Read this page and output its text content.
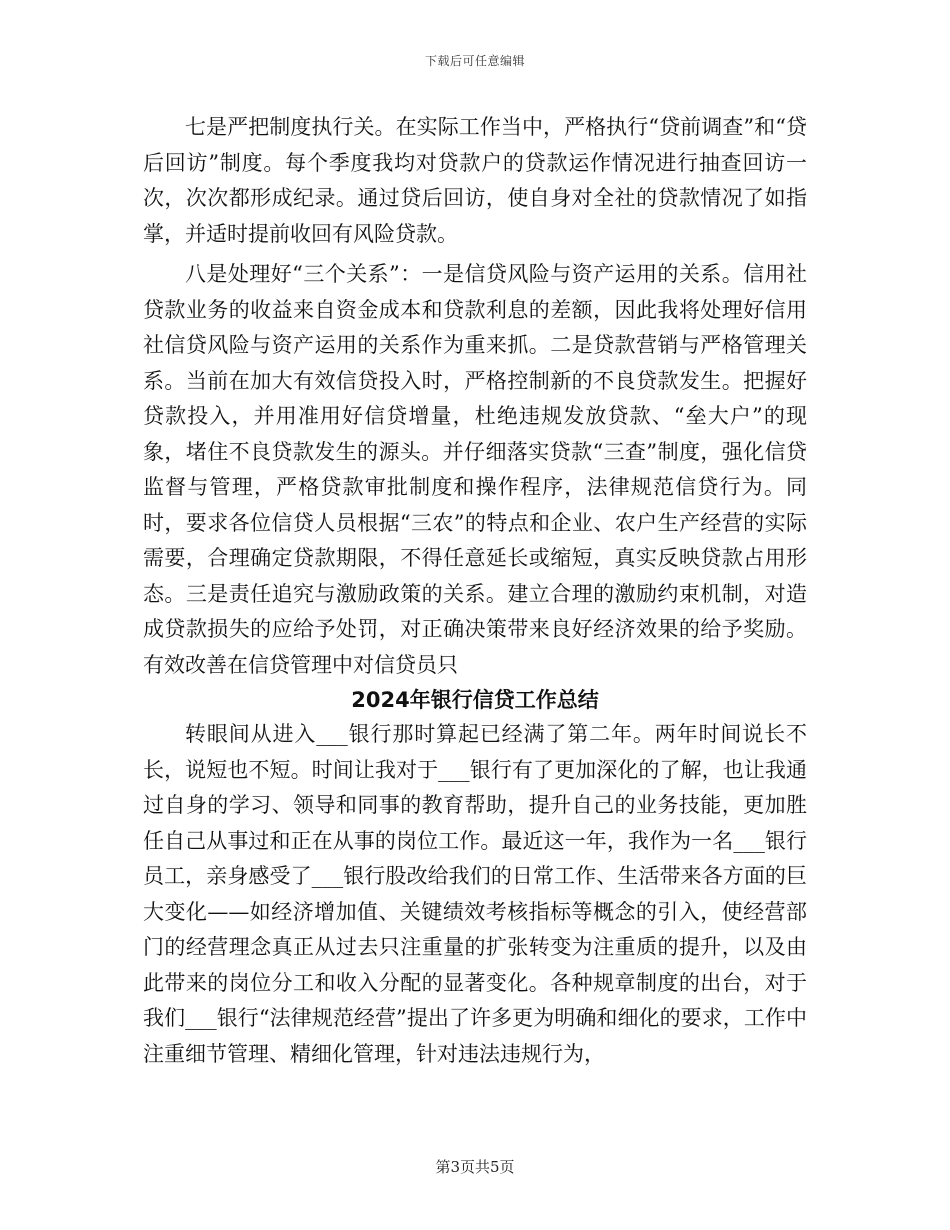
下载后可任意编辑

七是严把制度执行关。在实际工作当中，严格执行“贷前调查”和“贷后回访”制度。每个季度我均对贷款户的贷款运作情况进行抽查回访一次，次次都形成纪录。通过贷后回访，使自身对全社的贷款情况了如指掌，并适时提前收回有风险贷款。

八是处理好“三个关系”：一是信贷风险与资产运用的关系。信用社贷款业务的收益来自资金成本和贷款利息的差额，因此我将处理好信用社信贷风险与资产运用的关系作为重来抓。二是贷款营销与严格管理关系。当前在加大有效信贷投入时，严格控制新的不良贷款发生。把握好贷款投入，并用准用好信贷增量，杜绝违规发放贷款、“垒大户”的现象，堵住不良贷款发生的源头。并仔细落实贷款“三查”制度，强化信贷监督与管理，严格贷款审批制度和操作程序，法律规范信贷行为。同时，要求各位信贷人员根据“三农”的特点和企业、农户生产经营的实际需要，合理确定贷款期限，不得任意延长或缩短，真实反映贷款占用形态。三是责任追究与激励政策的关系。建立合理的激励约束机制，对造成贷款损失的应给予处罚，对正确决策带来良好经济效果的给予奖励。有效改善在信贷管理中对信贷员只

2024年银行信贷工作总结

转眼间从进入___银行那时算起已经满了第二年。两年时间说长不长，说短也不短。时间让我对于___银行有了更加深化的了解，也让我通过自身的学习、领导和同事的教育帮助，提升自己的业务技能，更加胜任自己从事过和正在从事的岗位工作。最近这一年，我作为一名___银行员工，亲身感受了___银行股改给我们的日常工作、生活带来各方面的巨大变化——如经济增加值、关键绩效考核指标等概念的引入，使经营部门的经营理念真正从过去只注重量的扩张转变为注重质的提升，以及由此带来的岗位分工和收入分配的显著变化。各种规章制度的出台，对于我们___银行“法律规范经营”提出了许多更为明确和细化的要求，工作中注重细节管理、精细化管理，针对违法违规行为，

第3页共5页
